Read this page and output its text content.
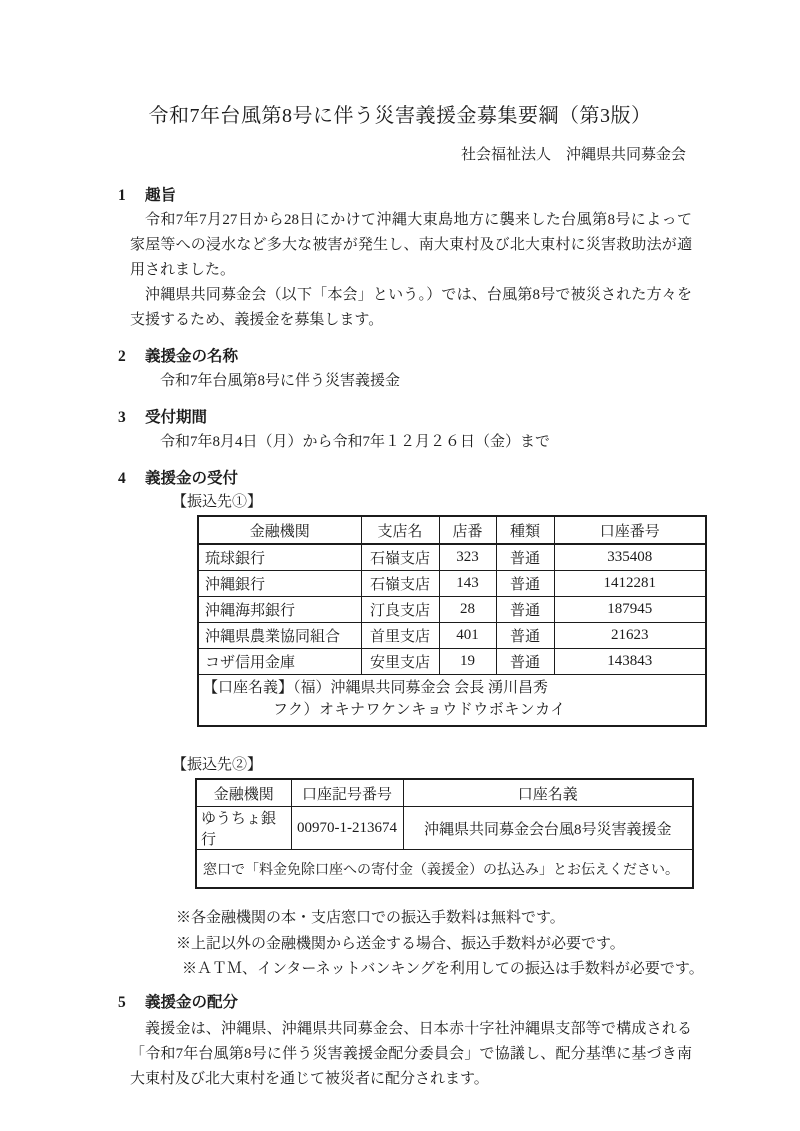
令和7年台風第8号に伴う災害義援金募集要綱（第3版）
社会福祉法人　沖縄県共同募金会
1 趣旨

令和7年7月27日から28日にかけて沖縄大東島地方に襲来した台風第8号によって家屋等への浸水など多大な被害が発生し、南大東村及び北大東村に災害救助法が適用されました。

沖縄県共同募金会（以下「本会」という。）では、台風第8号で被災された方々を支援するため、義援金を募集します。

2 義援金の名称
令和7年台風第8号に伴う災害義援金
3 受付期間
令和7年8月4日（月）から令和7年１２月２６日（金）まで
4 義援金の受付
【振込先①】
金融機関	支店名	店番	種類	口座番号
琉球銀行	石嶺支店	323	普通	335408
沖縄銀行	石嶺支店	143	普通	1412281
沖縄海邦銀行	汀良支店	28	普通	187945
沖縄県農業協同組合	首里支店	401	普通	21623
コザ信用金庫	安里支店	19	普通	143843

【口座名義】（福）沖縄県共同募金会 会長 湧川昌秀
フク）オキナワケンキョウドウボキンカイ				
【振込先②】
金融機関	口座記号番号	口座名義
ゆうちょ銀行	00970-1-213674	沖縄県共同募金会台風8号災害義援金
窓口で「料金免除口座への寄付金（義援金）の払込み」とお伝えください。		
※各金融機関の本・支店窓口での振込手数料は無料です。
※上記以外の金融機関から送金する場合、振込手数料が必要です。
※ＡＴＭ、インターネットバンキングを利用しての振込は手数料が必要です。
5 義援金の配分

義援金は、沖縄県、沖縄県共同募金会、日本赤十字社沖縄県支部等で構成される「令和7年台風第8号に伴う災害義援金配分委員会」で協議し、配分基準に基づき南大東村及び北大東村を通じて被災者に配分されます。
